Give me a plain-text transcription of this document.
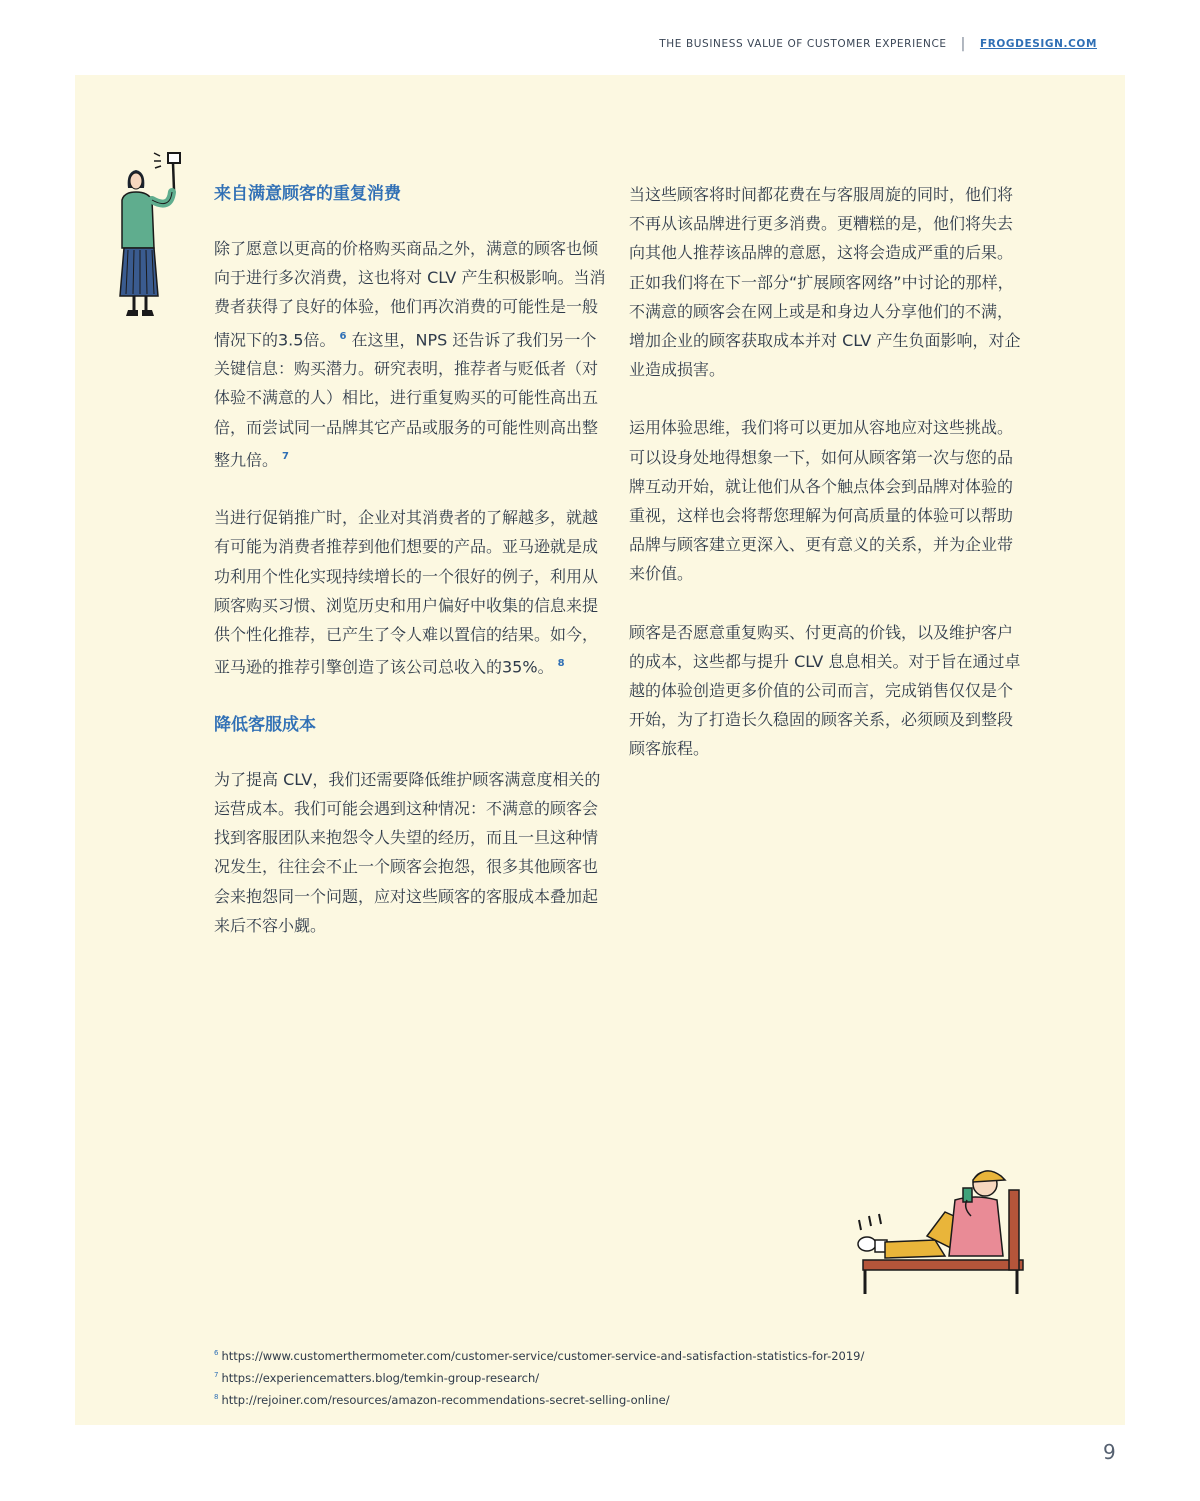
THE BUSINESS VALUE OF CUSTOMER EXPERIENCE | FROGDESIGN.COM
来自满意顾客的重复消费

除了愿意以更高的价格购买商品之外，满意的顾客也倾向于进行多次消费，这也将对 CLV 产生积极影响。当消费者获得了良好的体验，他们再次消费的可能性是一般情况下的3.5倍。 $^6$ 在这里，NPS 还告诉了我们另一个关键信息：购买潜力。研究表明，推荐者与贬低者（对体验不满意的人）相比，进行重复购买的可能性高出五倍，而尝试同一品牌其它产品或服务的可能性则高出整整九倍。 $^7$

当进行促销推广时，企业对其消费者的了解越多，就越有可能为消费者推荐到他们想要的产品。亚马逊就是成功利用个性化实现持续增长的一个很好的例子，利用从顾客购买习惯、浏览历史和用户偏好中收集的信息来提供个性化推荐，已产生了令人难以置信的结果。如今，亚马逊的推荐引擎创造了该公司总收入的35%。 $^8$

降低客服成本

为了提高 CLV，我们还需要降低维护顾客满意度相关的运营成本。我们可能会遇到这种情况：不满意的顾客会找到客服团队来抱怨令人失望的经历，而且一旦这种情况发生，往往会不止一个顾客会抱怨，很多其他顾客也会来抱怨同一个问题，应对这些顾客的客服成本叠加起来后不容小觑。

当这些顾客将时间都花费在与客服周旋的同时，他们将不再从该品牌进行更多消费。更糟糕的是，他们将失去向其他人推荐该品牌的意愿，这将会造成严重的后果。正如我们将在下一部分“扩展顾客网络”中讨论的那样，不满意的顾客会在网上或是和身边人分享他们的不满，增加企业的顾客获取成本并对 CLV 产生负面影响，对企业造成损害。

运用体验思维，我们将可以更加从容地应对这些挑战。可以设身处地得想象一下，如何从顾客第一次与您的品牌互动开始，就让他们从各个触点体会到品牌对体验的重视，这样也会将帮您理解为何高质量的体验可以帮助品牌与顾客建立更深入、更有意义的关系，并为企业带来价值。

顾客是否愿意重复购买、付更高的价钱，以及维护客户的成本，这些都与提升 CLV 息息相关。对于旨在通过卓越的体验创造更多价值的公司而言，完成销售仅仅是个开始，为了打造长久稳固的顾客关系，必须顾及到整段顾客旅程。

$^6$ https://www.customerthermometer.com/customer-service/customer-service-and-satisfaction-statistics-for-2019/
$^7$ https://experiencematters.blog/temkin-group-research/
$^8$ http://rejoiner.com/resources/amazon-recommendations-secret-selling-online/
9
